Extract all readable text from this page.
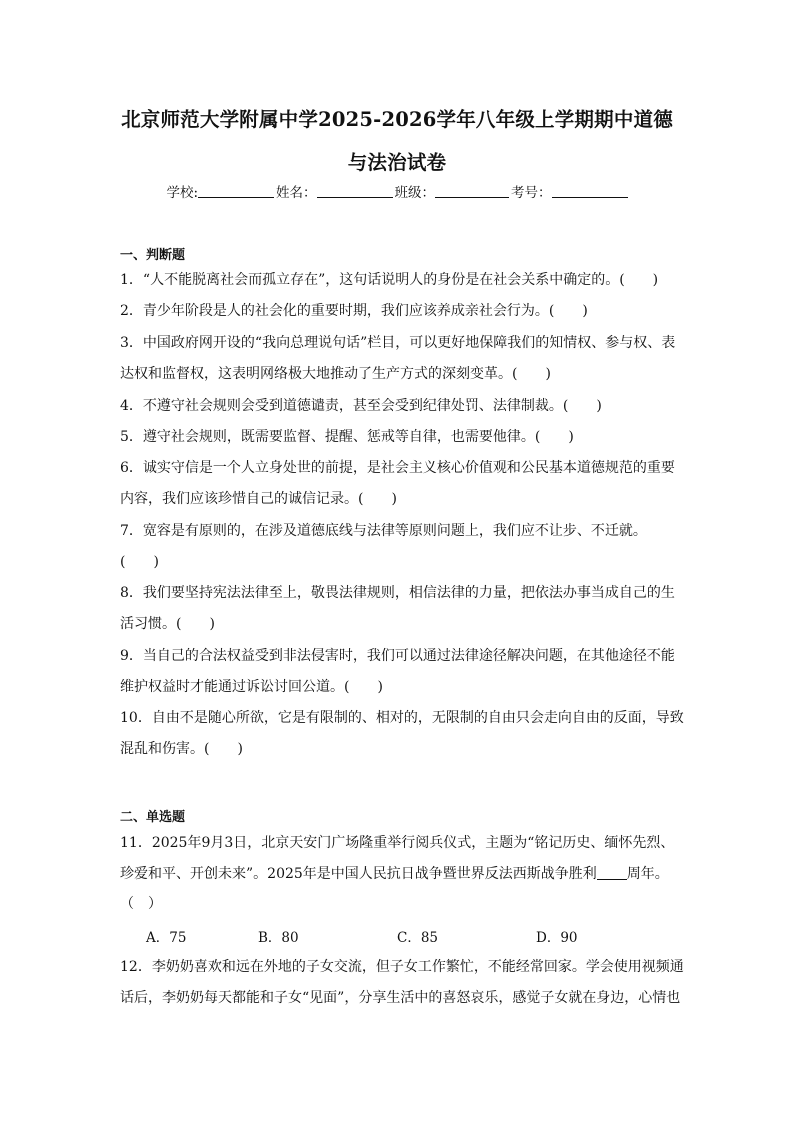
北京师范大学附属中学2025-2026学年八年级上学期期中道德
与法治试卷
学校:	姓名：	班级：	考号：
一、判断题
1．“人不能脱离社会而孤立存在”，这句话说明人的身份是在社会关系中确定的。(　　)
2．青少年阶段是人的社会化的重要时期，我们应该养成亲社会行为。(　　)
3．中国政府网开设的“我向总理说句话”栏目，可以更好地保障我们的知情权、参与权、表
达权和监督权，这表明网络极大地推动了生产方式的深刻变革。(　　)
4．不遵守社会规则会受到道德谴责，甚至会受到纪律处罚、法律制裁。(　　)
5．遵守社会规则，既需要监督、提醒、惩戒等自律，也需要他律。(　　)
6．诚实守信是一个人立身处世的前提，是社会主义核心价值观和公民基本道德规范的重要
内容，我们应该珍惜自己的诚信记录。(　　)
7．宽容是有原则的，在涉及道德底线与法律等原则问题上，我们应不让步、不迁就。
(　　)
8．我们要坚持宪法法律至上，敬畏法律规则，相信法律的力量，把依法办事当成自己的生
活习惯。(　　)
9．当自己的合法权益受到非法侵害时，我们可以通过法律途径解决问题，在其他途径不能
维护权益时才能通过诉讼讨回公道。(　　)
10．自由不是随心所欲，它是有限制的、相对的，无限制的自由只会走向自由的反面，导致
混乱和伤害。(　　)
二、单选题
11．2025年9月3日，北京天安门广场隆重举行阅兵仪式，主题为“铭记历史、缅怀先烈、
珍爱和平、开创未来”。2025年是中国人民抗日战争暨世界反法西斯战争胜利 周年。
（　）
A．75	B．80	C．85	D．90
12．李奶奶喜欢和远在外地的子女交流，但子女工作繁忙，不能经常回家。学会使用视频通
话后，李奶奶每天都能和子女“见面”，分享生活中的喜怒哀乐，感觉子女就在身边，心情也
